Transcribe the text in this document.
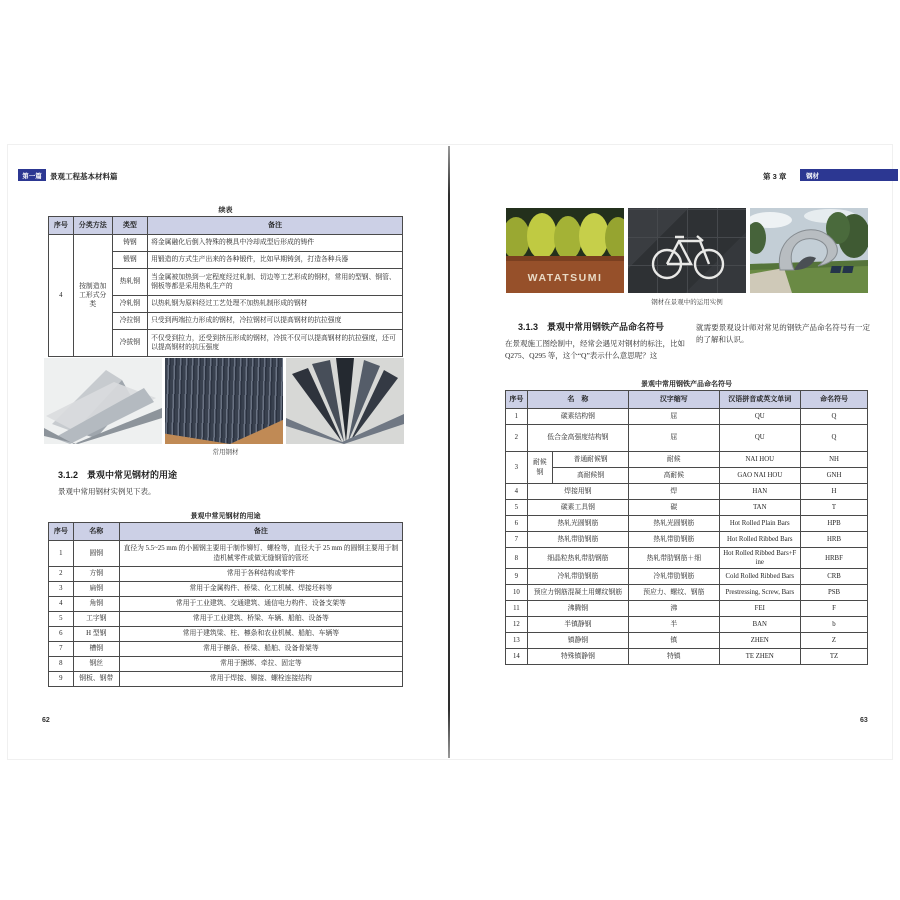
第一篇 景观工程基本材料篇
续表
序号	分类方法	类型	备注
4	按制造加工形式分类	铸钢	将金属融化后倒入特殊的模具中冷却成型后形成的铸件
		锻钢	用锻造的方式生产出来的各种锻件，比如早期铸剑，打造各种兵器
		热轧钢	当金属被加热到一定程度经过轧制、切边等工艺形成的钢材，常用的型钢、钢管、钢板等都是采用热轧生产的
		冷轧钢	以热轧钢为原料经过工艺处理不加热轧制形成的钢材
		冷拉钢	只受到两端拉力形成的钢材，冷拉钢材可以提高钢材的抗拉强度
		冷拔钢	不仅受到拉力，还受到挤压形成的钢材，冷拔不仅可以提高钢材的抗拉强度，还可以提高钢材的抗压强度
常用钢材
3.1.2　景观中常见钢材的用途
景观中常用钢材实例见下表。
景观中常见钢材的用途
序号	名称	备注
1	圆钢	直径为 5.5~25 mm 的小圆钢主要用于制作铆钉、螺栓等，直径大于 25 mm 的圆钢主要用于制造机械零件或做无缝钢管的管坯
2	方钢	常用于各种结构或零件
3	扁钢	常用于金属构件、桥梁、化工机械、焊接坯料等
4	角钢	常用于工业建筑、交通建筑、通信电力构件、设备支架等
5	工字钢	常用于工业建筑、桥梁、车辆、船舶、设备等
6	H 型钢	常用于建筑梁、柱、檩条和农业机械、船舶、车辆等
7	槽钢	常用于檩条、桥梁、船舶、设备骨架等
8	钢丝	常用于捆绑、牵拉、固定等
9	钢板、钢带	常用于焊接、铆接、螺栓连接结构
62
第 3 章	钢材
WATATSUMI
钢材在景观中的运用实例
3.1.3　景观中常用钢铁产品命名符号
在景观施工图绘制中，经常会遇见对钢材的标注，比如 Q275、Q295 等，这个“Q”表示什么意思呢？这
就需要景观设计师对常见的钢铁产品命名符号有一定的了解和认识。
景观中常用钢铁产品命名符号
序号	名　称		汉字缩写	汉语拼音或英文单词	命名符号
1	碳素结构钢		屈	QU	Q
2	低合金高强度结构钢		屈	QU	Q
3	耐候钢	普通耐候钢	耐候	NAI HOU	NH
		高耐候钢	高耐候	GAO NAI HOU	GNH
4	焊接用钢		焊	HAN	H
5	碳素工具钢		碳	TAN	T
6	热轧光圆钢筋		热轧光圆钢筋	Hot Rolled Plain Bars	HPB
7	热轧带肋钢筋		热轧带肋钢筋	Hot Rolled Ribbed Bars	HRB
8	细晶粒热轧带肋钢筋		热轧带肋钢筋＋细	Hot Rolled Ribbed Bars+Fine	HRBF
9	冷轧带肋钢筋		冷轧带肋钢筋	Cold Rolled Ribbed Bars	CRB
10	预应力钢筋混凝土用螺纹钢筋		预应力、螺纹、钢筋	Prestressing, Screw, Bars	PSB
11	沸腾钢		沸	FEI	F
12	半镇静钢		半	BAN	b
13	镇静钢		镇	ZHEN	Z
14	特殊镇静钢		特镇	TE ZHEN	TZ
63
